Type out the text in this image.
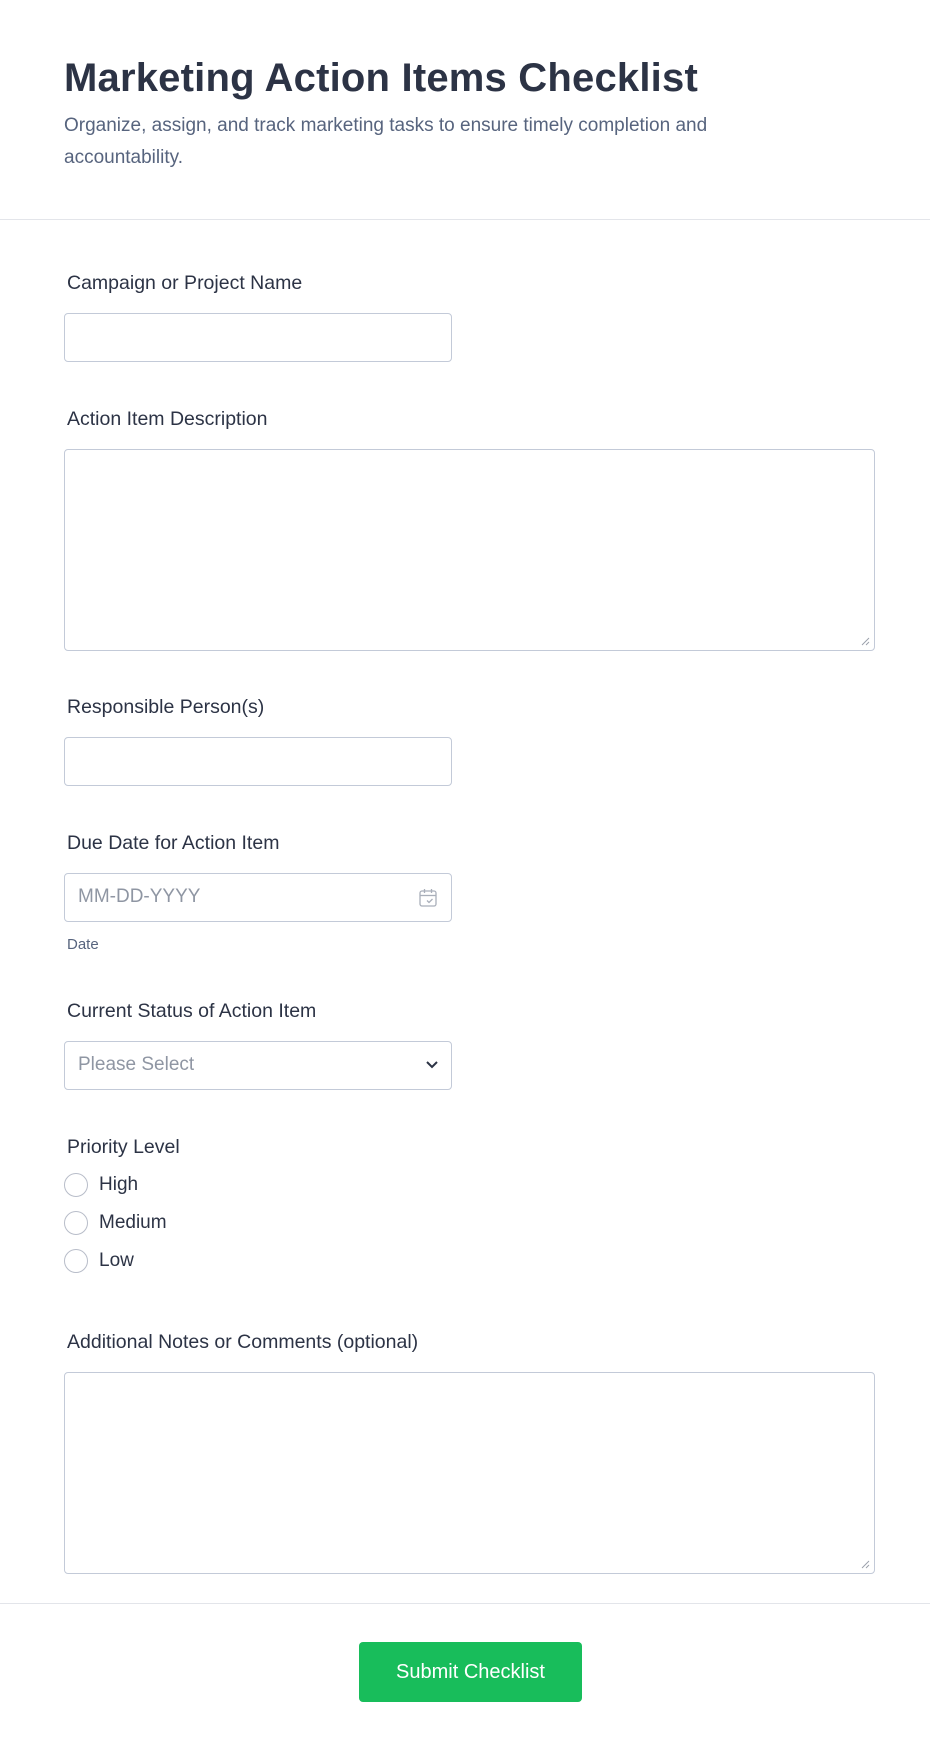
Marketing Action Items Checklist

Organize, assign, and track marketing tasks to ensure timely completion and accountability.

Campaign or Project Name
Action Item Description
Responsible Person(s)
Due Date for Action Item
MM-DD-YYYY
Date
Current Status of Action Item
Please Select
Priority Level
High
Medium
Low
Additional Notes or Comments (optional)
Submit Checklist
